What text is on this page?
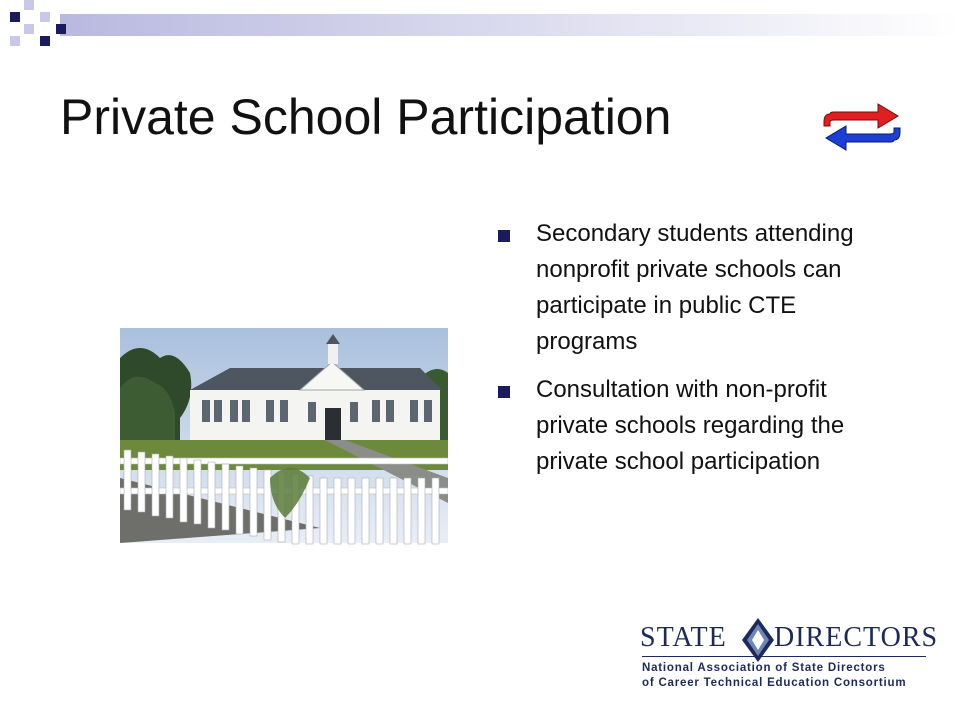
Private School Participation
Secondary students attending nonprofit private schools can participate in public CTE programs
Consultation with non-profit private schools regarding the private school participation
STATE DIRECTORS
National Association of State Directors
of Career Technical Education Consortium
